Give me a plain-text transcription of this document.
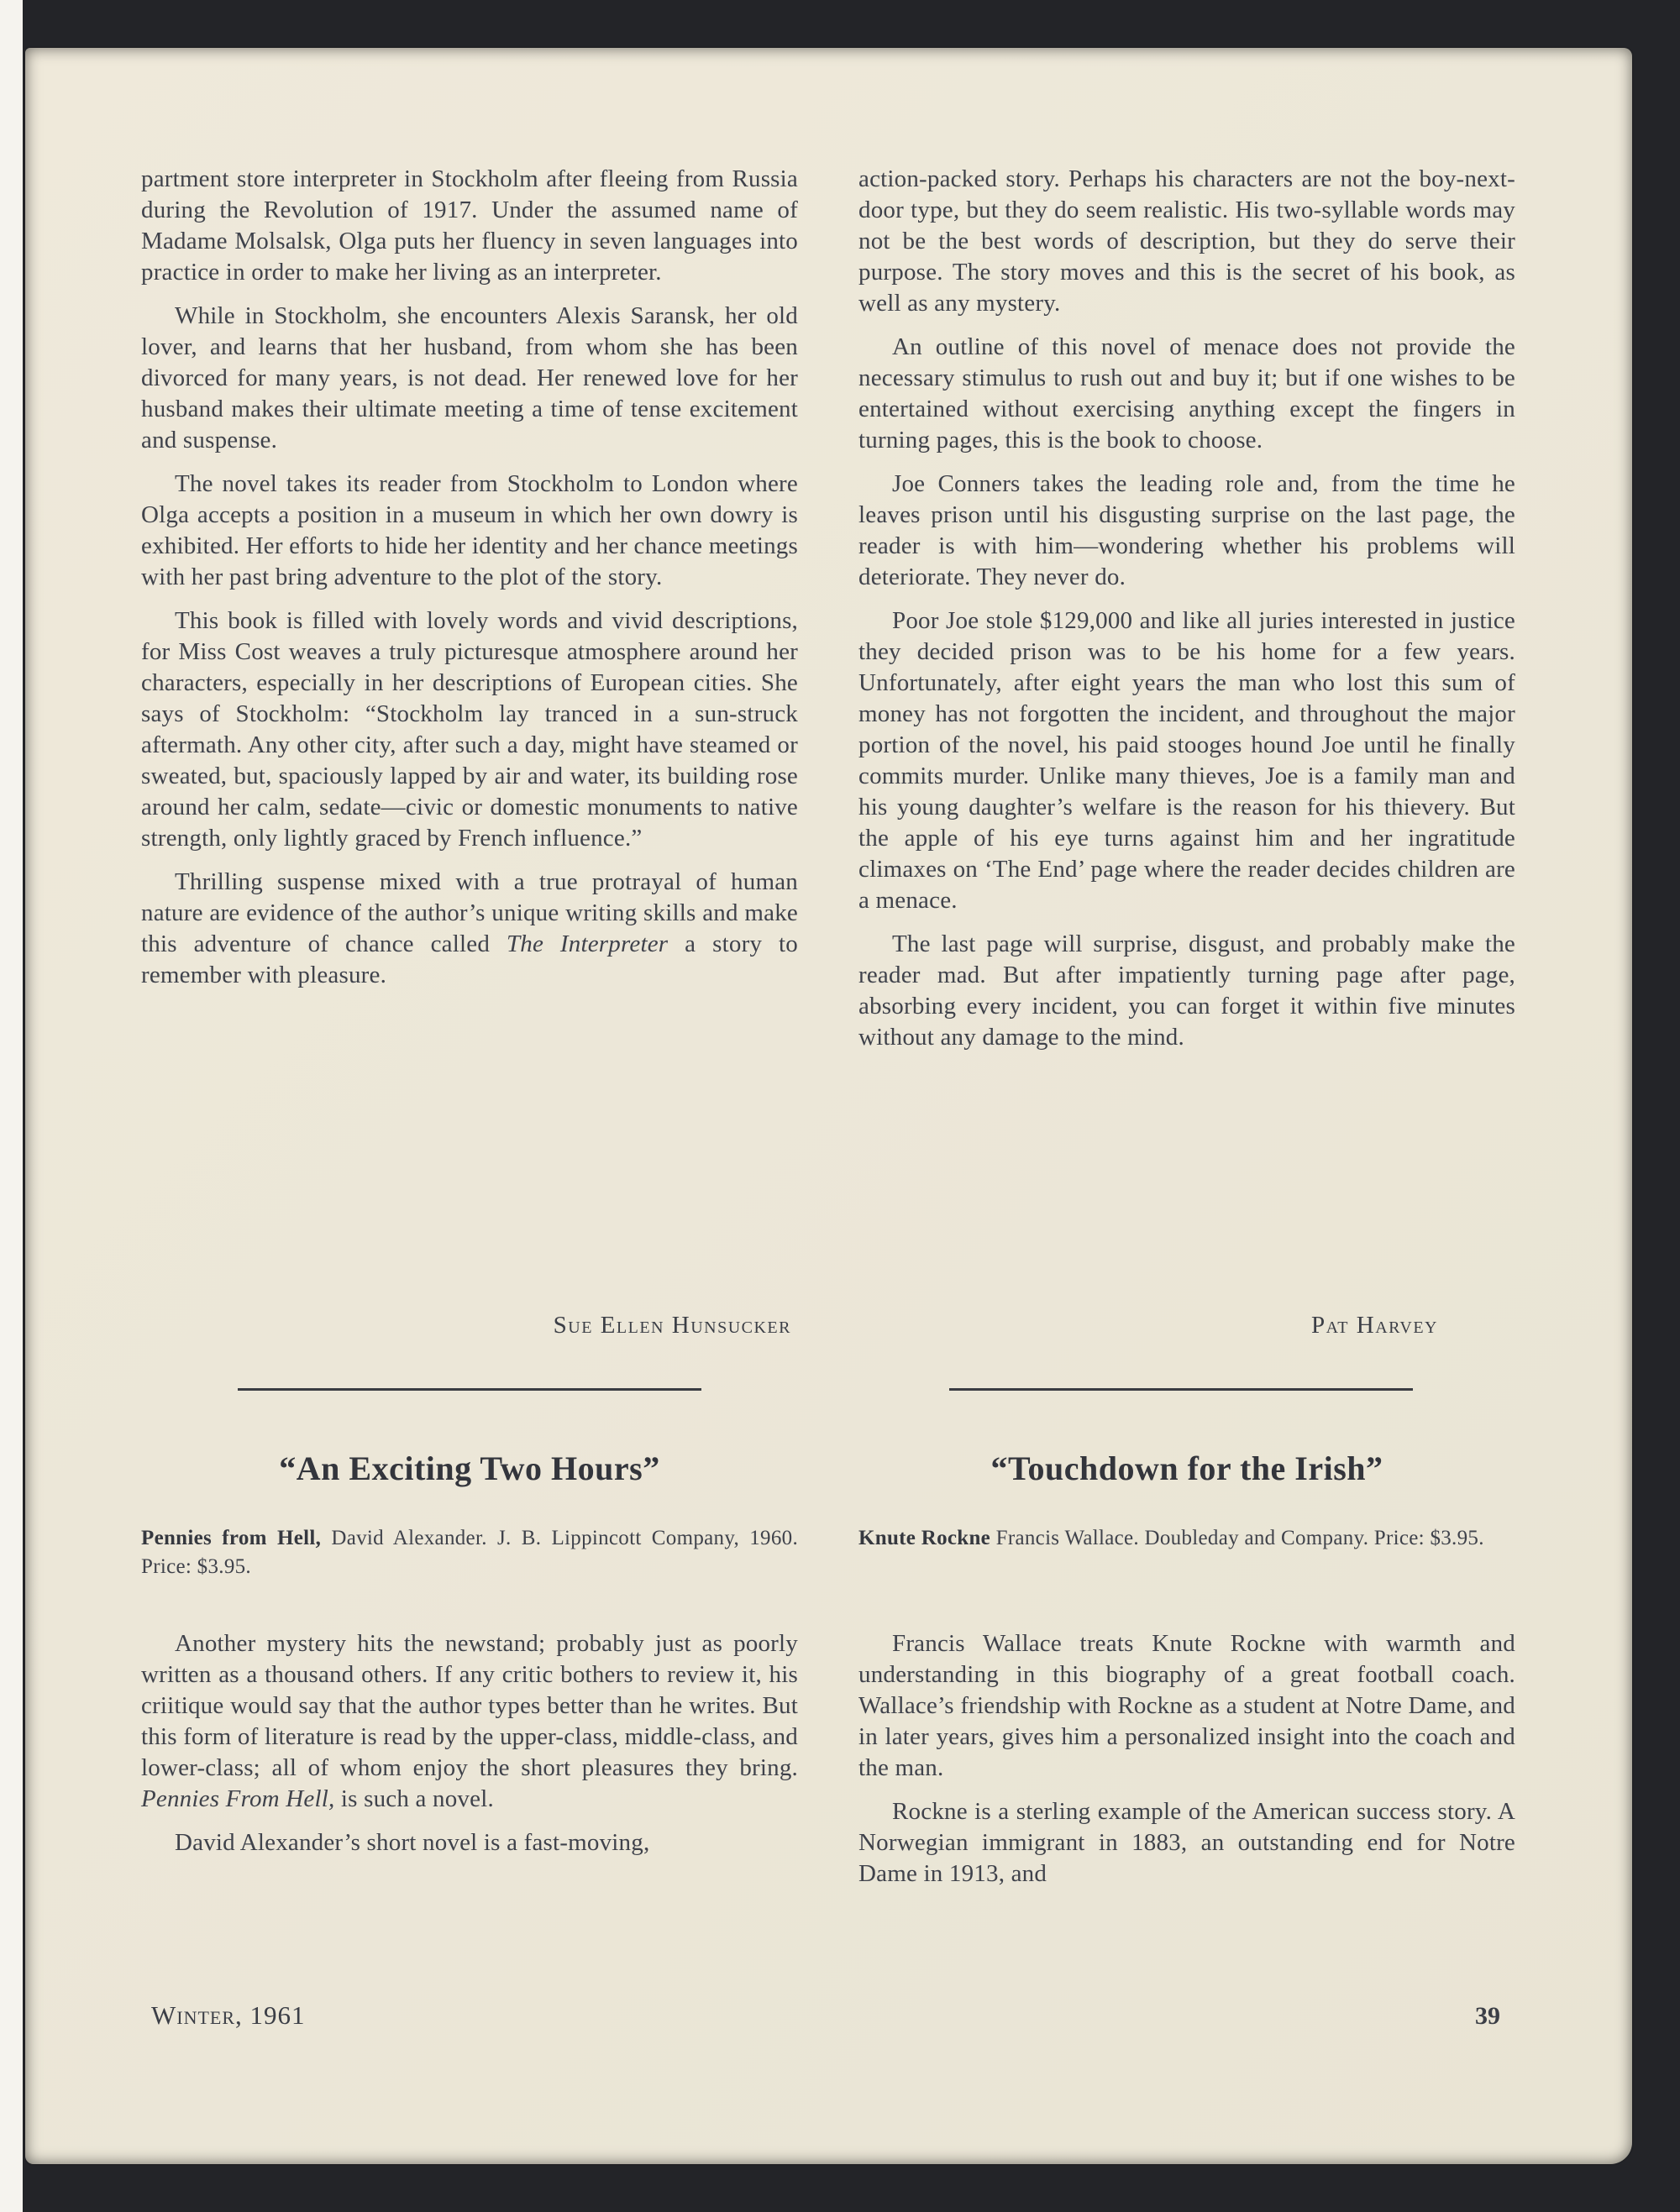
partment store interpreter in Stockholm after fleeing from Russia during the Revolution of 1917. Under the assumed name of Madame Molsalsk, Olga puts her fluency in seven languages into practice in order to make her living as an interpreter.

While in Stockholm, she encounters Alexis Saransk, her old lover, and learns that her husband, from whom she has been divorced for many years, is not dead. Her renewed love for her husband makes their ultimate meeting a time of tense excitement and suspense.

The novel takes its reader from Stockholm to London where Olga accepts a position in a museum in which her own dowry is exhibited. Her efforts to hide her identity and her chance meetings with her past bring adventure to the plot of the story.

This book is filled with lovely words and vivid descriptions, for Miss Cost weaves a truly picturesque atmosphere around her characters, especially in her descriptions of European cities. She says of Stockholm: “Stockholm lay tranced in a sun-struck aftermath. Any other city, after such a day, might have steamed or sweated, but, spaciously lapped by air and water, its building rose around her calm, sedate—civic or domestic monuments to native strength, only lightly graced by French influence.”

Thrilling suspense mixed with a true protrayal of human nature are evidence of the author’s unique writing skills and make this adventure of chance called The Interpreter a story to remember with pleasure.

action-packed story. Perhaps his characters are not the boy-next-door type, but they do seem realistic. His two-syllable words may not be the best words of description, but they do serve their purpose. The story moves and this is the secret of his book, as well as any mystery.

An outline of this novel of menace does not provide the necessary stimulus to rush out and buy it; but if one wishes to be entertained without exercising anything except the fingers in turning pages, this is the book to choose.

Joe Conners takes the leading role and, from the time he leaves prison until his disgusting surprise on the last page, the reader is with him—wondering whether his problems will deteriorate. They never do.

Poor Joe stole $129,000 and like all juries interested in justice they decided prison was to be his home for a few years. Unfortunately, after eight years the man who lost this sum of money has not forgotten the incident, and throughout the major portion of the novel, his paid stooges hound Joe until he finally commits murder. Unlike many thieves, Joe is a family man and his young daughter’s welfare is the reason for his thievery. But the apple of his eye turns against him and her ingratitude climaxes on ‘The End’ page where the reader decides children are a menace.

The last page will surprise, disgust, and probably make the reader mad. But after impatiently turning page after page, absorbing every incident, you can forget it within five minutes without any damage to the mind.

Sue Ellen Hunsucker	Pat Harvey
“An Exciting Two Hours”	“Touchdown for the Irish”
Pennies from Hell, David Alexander. J. B. Lippincott Company, 1960. Price: $3.95.
Knute Rockne Francis Wallace. Doubleday and Company. Price: $3.95.

Another mystery hits the newstand; probably just as poorly written as a thousand others. If any critic bothers to review it, his criitique would say that the author types better than he writes. But this form of literature is read by the upper-class, middle-class, and lower-class; all of whom enjoy the short pleasures they bring. Pennies From Hell, is such a novel.

David Alexander’s short novel is a fast-moving,

Francis Wallace treats Knute Rockne with warmth and understanding in this biography of a great football coach. Wallace’s friendship with Rockne as a student at Notre Dame, and in later years, gives him a personalized insight into the coach and the man.

Rockne is a sterling example of the American success story. A Norwegian immigrant in 1883, an outstanding end for Notre Dame in 1913, and

Winter, 1961	39
